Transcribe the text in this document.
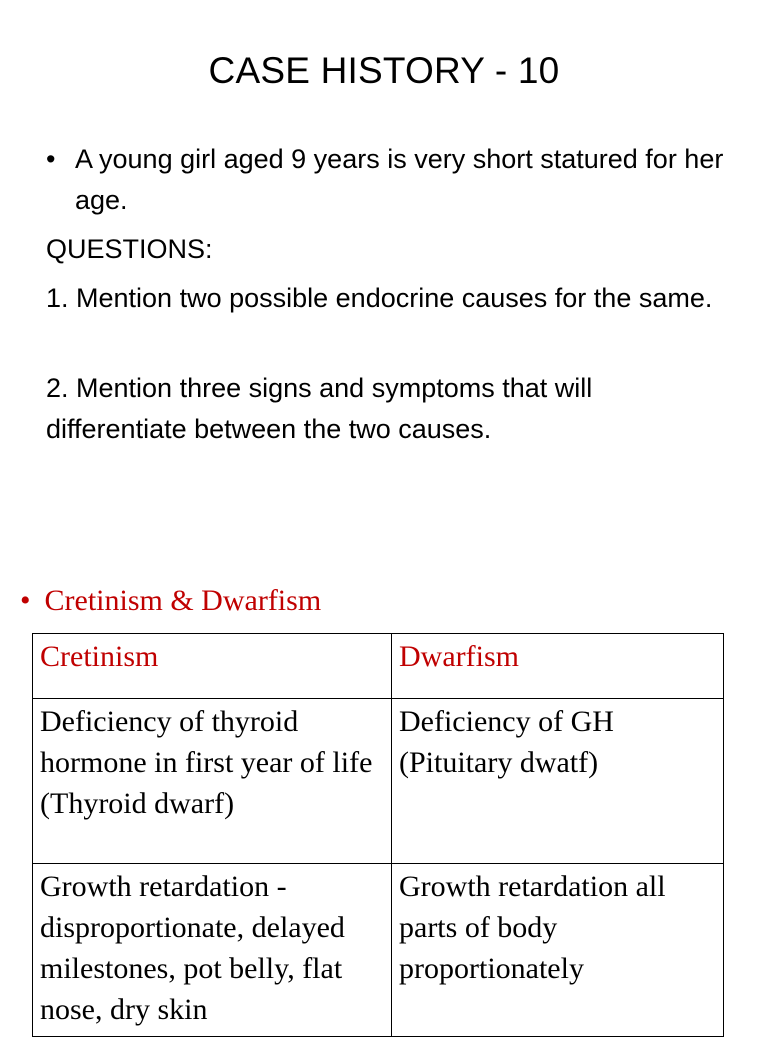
CASE HISTORY - 10
• A young girl aged 9 years is very short statured for her age.
QUESTIONS:
1. Mention two possible endocrine causes for the same.
2. Mention three signs and symptoms that will differentiate between the two causes.
• Cretinism & Dwarfism
Cretinism	Dwarfism
Deficiency of thyroid hormone in first year of life (Thyroid dwarf)	Deficiency of GH (Pituitary dwatf)
Growth retardation - disproportionate, delayed milestones, pot belly, flat nose, dry skin	Growth retardation all parts of body proportionately
